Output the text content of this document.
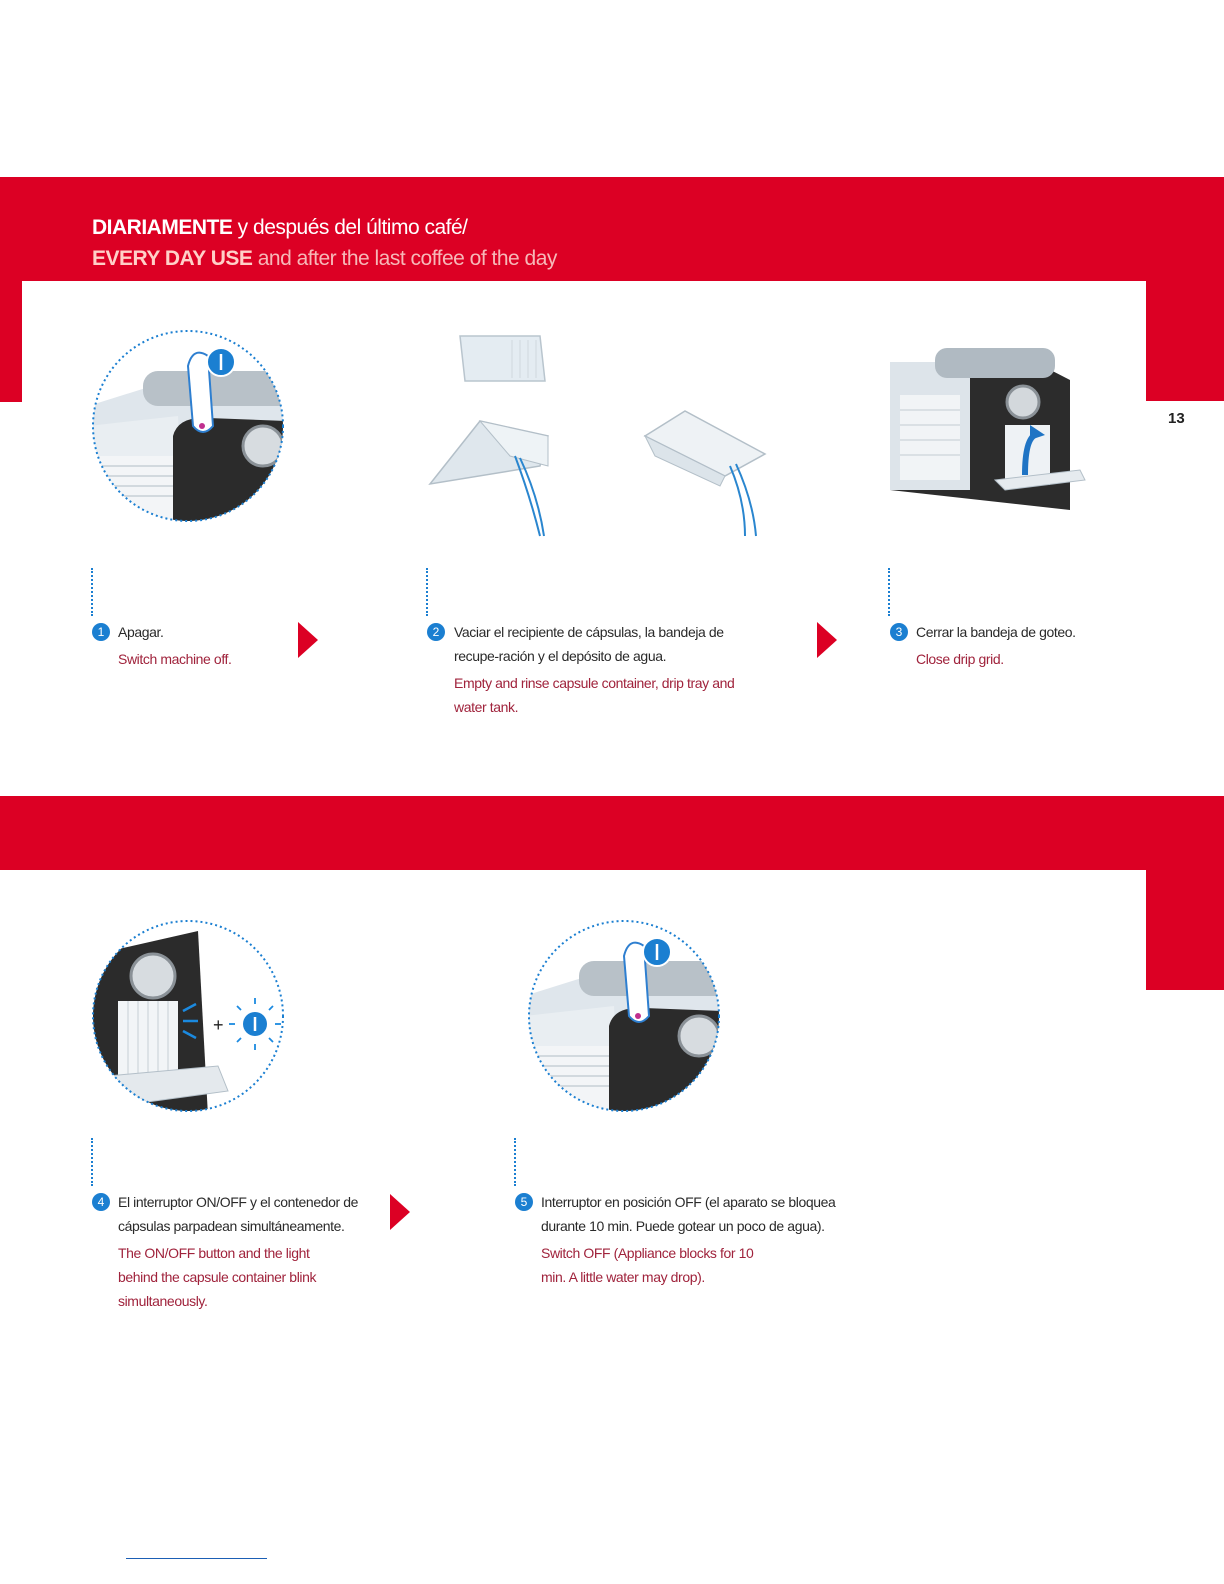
DIARIAMENTE y después del último café/
EVERY DAY USE and after the last coffee of the day
13
1 Apagar.
Switch machine off.
2	Vaciar el recipiente de cápsulas, la bandeja de recupe-ración y el depósito de agua.
Empty and rinse capsule container, drip tray and water tank.
3 Cerrar la bandeja de goteo.
Close drip grid.
+
4 El interruptor ON/OFF y el contenedor de cápsulas parpadean simultáneamente.
The ON/OFF button and the light behind the capsule container blink simultaneously.
5 Interruptor en posición OFF (el aparato se bloquea durante 10 min. Puede gotear un poco de agua).
Switch OFF (Appliance blocks for 10 min. A little water may drop).
